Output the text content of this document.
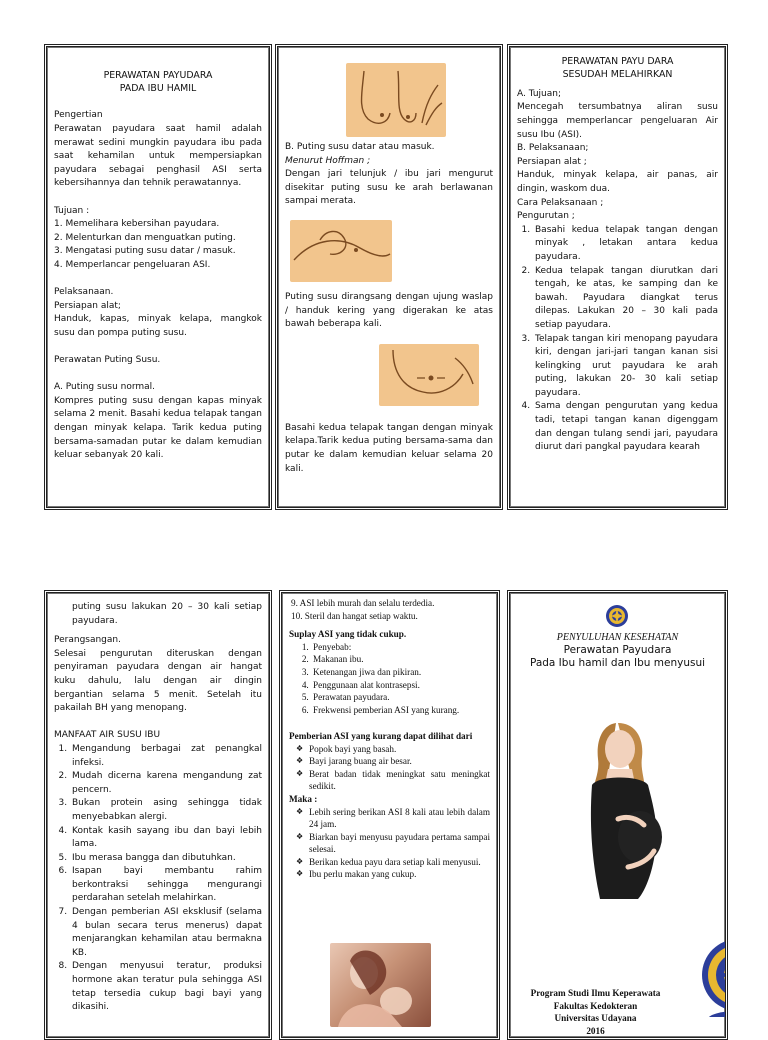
PERAWATAN PAYUDARA

PADA IBU HAMIL

Pengertian

Perawatan payudara saat hamil adalah merawat sedini mungkin payudara ibu pada saat kehamilan untuk mempersiapkan payudara sebagai penghasil ASI serta kebersihannya dan tehnik perawatannya.

Tujuan :

1. Memelihara kebersihan payudara.

2. Melenturkan dan menguatkan puting.

3. Mengatasi puting susu datar / masuk.

4. Memperlancar pengeluaran ASI.

Pelaksanaan.

Persiapan alat;

Handuk, kapas, minyak kelapa, mangkok susu dan pompa puting susu.

Perawatan Puting Susu.

A. Puting susu normal.

Kompres puting susu dengan kapas minyak selama 2 menit. Basahi kedua telapak tangan dengan minyak kelapa. Tarik kedua puting bersama-samadan putar ke dalam kemudian keluar sebanyak 20 kali.

B. Puting susu datar atau masuk.

Menurut Hoffman ;

Dengan jari telunjuk / ibu jari mengurut disekitar puting susu ke arah berlawanan sampai merata.

Puting susu dirangsang dengan ujung waslap / handuk kering yang digerakan ke atas bawah beberapa kali.

Basahi kedua telapak tangan dengan minyak kelapa.Tarik kedua puting bersama-sama dan putar ke dalam kemudian keluar selama 20 kali.

PERAWATAN PAYU DARA

SESUDAH MELAHIRKAN

A. Tujuan;

Mencegah tersumbatnya aliran susu sehingga memperlancar pengeluaran Air susu Ibu (ASI).

B. Pelaksanaan;

Persiapan alat ;

Handuk, minyak kelapa, air panas, air dingin, waskom dua.

Cara Pelaksanaan ;

Pengurutan ;

1. Basahi kedua telapak tangan dengan minyak , letakan antara kedua payudara.
2. Kedua telapak tangan diurutkan dari tengah, ke atas, ke samping dan ke bawah. Payudara diangkat terus dilepas. Lakukan 20 – 30 kali pada setiap payudara.
3. Telapak tangan kiri menopang payudara kiri, dengan jari-jari tangan kanan sisi kelingking urut payudara ke arah puting, lakukan 20- 30 kali setiap payudara.
4. Sama dengan pengurutan yang kedua tadi, tetapi tangan kanan digenggam dan dengan tulang sendi jari, payudara diurut dari pangkal payudara kearah

puting susu lakukan 20 – 30 kali setiap payudara.

Perangsangan.

Selesai pengurutan diteruskan dengan penyiraman payudara dengan air hangat kuku dahulu, lalu dengan air dingin bergantian selama 5 menit. Setelah itu pakailah BH yang menopang.

MANFAAT AIR SUSU IBU

1. Mengandung berbagai zat penangkal infeksi.
2. Mudah dicerna karena mengandung zat pencern.
3. Bukan protein asing sehingga tidak menyebabkan alergi.
4. Kontak kasih sayang ibu dan bayi lebih lama.
5. Ibu merasa bangga dan dibutuhkan.
6. Isapan bayi membantu rahim berkontraksi sehingga mengurangi perdarahan setelah melahirkan.
7. Dengan pemberian ASI eksklusif (selama 4 bulan secara terus menerus) dapat menjarangkan kehamilan atau bermakna KB.
8. Dengan menyusui teratur, produksi hormone akan teratur pula sehingga ASI tetap tersedia cukup bagi bayi yang dikasihi.

9. ASI lebih murah dan selalu terdedia.

10. Steril dan hangat setiap waktu.

Suplay ASI yang tidak cukup.

1. Penyebab:
2. Makanan ibu.
3. Ketenangan jiwa dan pikiran.
4. Penggunaan alat kontrasepsi.
5. Perawatan payudara.
6. Frekwensi pemberian ASI yang kurang.

Pemberian ASI yang kurang dapat dilihat dari

❖ Popok bayi yang basah.
❖ Bayi jarang buang air besar.
❖ Berat badan tidak meningkat satu meningkat sedikit.

Maka :

❖ Lebih sering berikan ASI 8 kali atau lebih dalam 24 jam.
❖ Biarkan bayi menyusu payudara pertama sampai selesai.
❖ Berikan kedua payu dara setiap kali menyusui.
❖ Ibu perlu makan yang cukup.

PENYULUHAN KESEHATAN

Perawatan Payudara

Pada Ibu hamil dan Ibu menyusui

Program Studi Ilmu Keperawata

Fakultas Kedokteran

Universitas Udayana

2016
